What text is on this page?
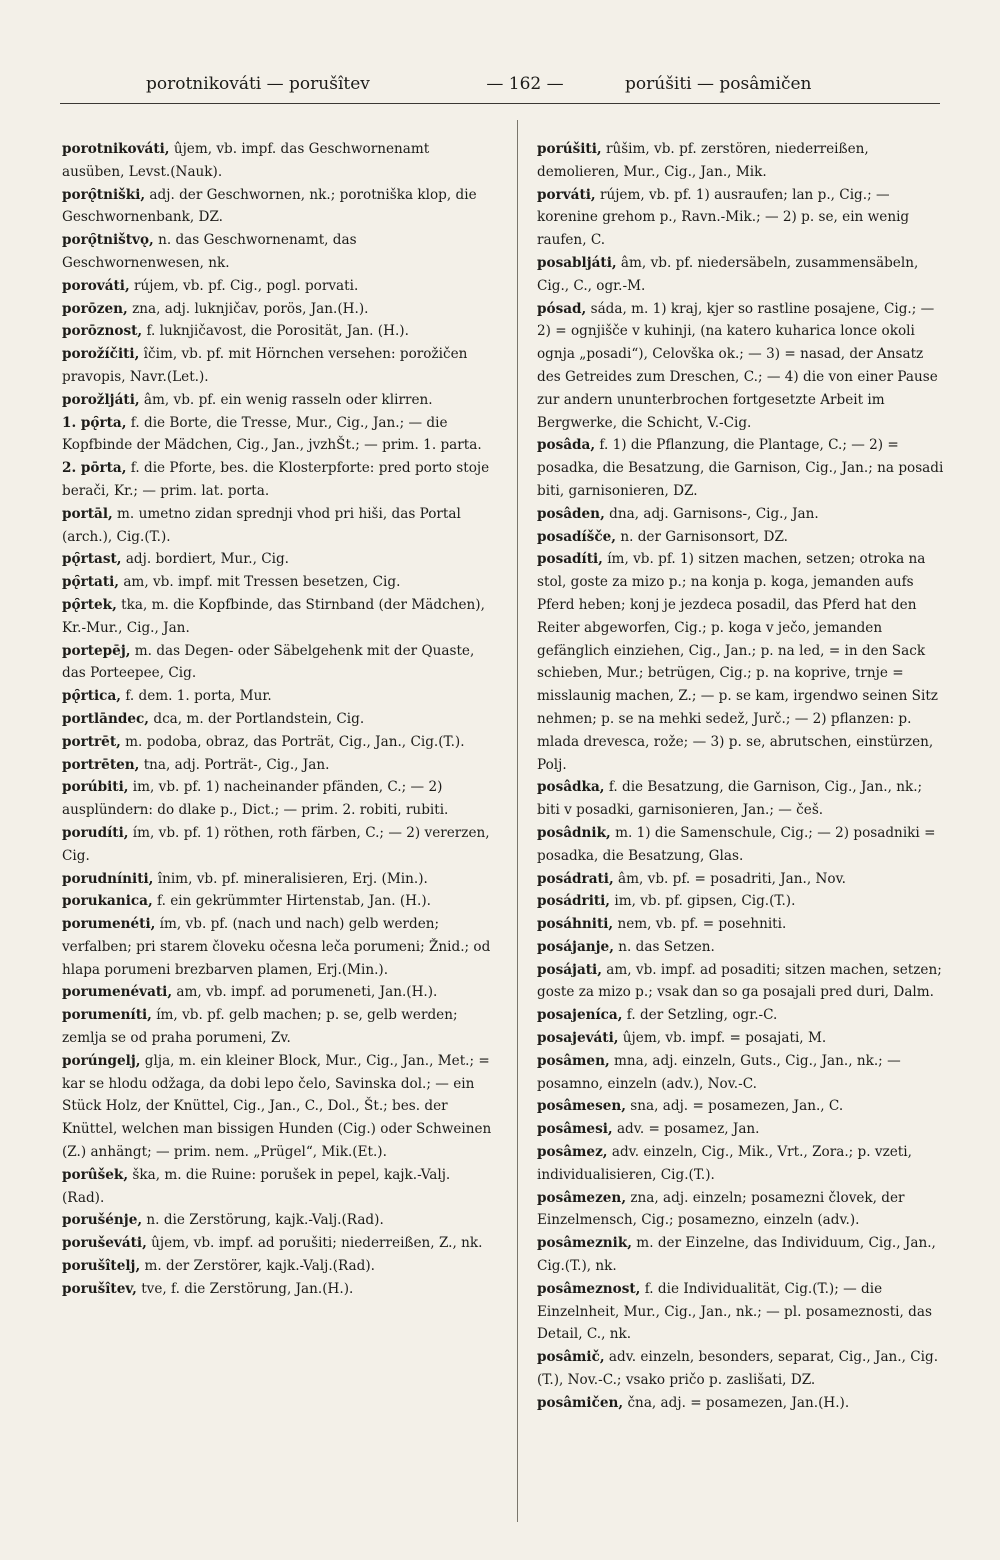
porotnikováti — porušîtev	— 162 —	porúšiti — posâmičen
porotnikováti, ûjem, vb. impf. das Geschwornenamt ausüben, Levst.(Nauk).
porǫ̑tniški, adj. der Geschwornen, nk.; porotniška klop, die Geschwornenbank, DZ.
porǫ̑tništvǫ, n. das Geschwornenamt, das Geschwornenwesen, nk.
porováti, rújem, vb. pf. Cig., pogl. porvati.
porōzen, zna, adj. luknjičav, porös, Jan.(H.).
porōznost, f. luknjičavost, die Porosität, Jan. (H.).
porožíčiti, îčim, vb. pf. mit Hörnchen versehen: porožičen pravopis, Navr.(Let.).
porožljáti, âm, vb. pf. ein wenig rasseln oder klirren.
1. pǫ̑rta, f. die Borte, die Tresse, Mur., Cig., Jan.; — die Kopfbinde der Mädchen, Cig., Jan., jvzhŠt.; — prim. 1. parta.
2. pōrta, f. die Pforte, bes. die Klosterpforte: pred porto stoje berači, Kr.; — prim. lat. porta.
portāl, m. umetno zidan sprednji vhod pri hiši, das Portal (arch.), Cig.(T.).
pǫ̑rtast, adj. bordiert, Mur., Cig.
pǫ̑rtati, am, vb. impf. mit Tressen besetzen, Cig.
pǫ̑rtek, tka, m. die Kopfbinde, das Stirnband (der Mädchen), Kr.-Mur., Cig., Jan.
portepēj, m. das Degen- oder Säbelgehenk mit der Quaste, das Porteepee, Cig.
pǫ̑rtica, f. dem. 1. porta, Mur.
portlāndec, dca, m. der Portlandstein, Cig.
portrēt, m. podoba, obraz, das Porträt, Cig., Jan., Cig.(T.).
portrēten, tna, adj. Porträt-, Cig., Jan.
porúbiti, im, vb. pf. 1) nacheinander pfänden, C.; — 2) ausplündern: do dlake p., Dict.; — prim. 2. robiti, rubiti.
porudíti, ím, vb. pf. 1) röthen, roth färben, C.; — 2) vererzen, Cig.
porudníniti, înim, vb. pf. mineralisieren, Erj. (Min.).
porukanica, f. ein gekrümmter Hirtenstab, Jan. (H.).
porumenéti, ím, vb. pf. (nach und nach) gelb werden; verfalben; pri starem človeku očesna leča porumeni; Žnid.; od hlapa porumeni brezbarven plamen, Erj.(Min.).
porumenévati, am, vb. impf. ad porumeneti, Jan.(H.).
porumeníti, ím, vb. pf. gelb machen; p. se, gelb werden; zemlja se od praha porumeni, Zv.
porúngelj, glja, m. ein kleiner Block, Mur., Cig., Jan., Met.; = kar se hlodu odžaga, da dobi lepo čelo, Savinska dol.; — ein Stück Holz, der Knüttel, Cig., Jan., C., Dol., Št.; bes. der Knüttel, welchen man bissigen Hunden (Cig.) oder Schweinen (Z.) anhängt; — prim. nem. „Prügel“, Mik.(Et.).
porûšek, ška, m. die Ruine: porušek in pepel, kajk.-Valj.(Rad).
porušénje, n. die Zerstörung, kajk.-Valj.(Rad).
poruševáti, ûjem, vb. impf. ad porušiti; niederreißen, Z., nk.
porušîtelj, m. der Zerstörer, kajk.-Valj.(Rad).
porušîtev, tve, f. die Zerstörung, Jan.(H.).
porúšiti, rûšim, vb. pf. zerstören, niederreißen, demolieren, Mur., Cig., Jan., Mik.
porváti, rújem, vb. pf. 1) ausraufen; lan p., Cig.; — korenine grehom p., Ravn.-Mik.; — 2) p. se, ein wenig raufen, C.
posabljáti, âm, vb. pf. niedersäbeln, zusammensäbeln, Cig., C., ogr.-M.
pósad, sáda, m. 1) kraj, kjer so rastline posajene, Cig.; — 2) = ognjišče v kuhinji, (na katero kuharica lonce okoli ognja „posadi“), Celovška ok.; — 3) = nasad, der Ansatz des Getreides zum Dreschen, C.; — 4) die von einer Pause zur andern ununterbrochen fortgesetzte Arbeit im Bergwerke, die Schicht, V.-Cig.
posâda, f. 1) die Pflanzung, die Plantage, C.; — 2) = posadka, die Besatzung, die Garnison, Cig., Jan.; na posadi biti, garnisonieren, DZ.
posâden, dna, adj. Garnisons-, Cig., Jan.
posadíšče, n. der Garnisonsort, DZ.
posadíti, ím, vb. pf. 1) sitzen machen, setzen; otroka na stol, goste za mizo p.; na konja p. koga, jemanden aufs Pferd heben; konj je jezdeca posadil, das Pferd hat den Reiter abgeworfen, Cig.; p. koga v ječo, jemanden gefänglich einziehen, Cig., Jan.; p. na led, = in den Sack schieben, Mur.; betrügen, Cig.; p. na koprive, trnje = misslaunig machen, Z.; — p. se kam, irgendwo seinen Sitz nehmen; p. se na mehki sedež, Jurč.; — 2) pflanzen: p. mlada drevesca, rože; — 3) p. se, abrutschen, einstürzen, Polj.
posâdka, f. die Besatzung, die Garnison, Cig., Jan., nk.; biti v posadki, garnisonieren, Jan.; — češ.
posâdnik, m. 1) die Samenschule, Cig.; — 2) posadniki = posadka, die Besatzung, Glas.
posádrati, âm, vb. pf. = posadriti, Jan., Nov.
posádriti, im, vb. pf. gipsen, Cig.(T.).
posáhniti, nem, vb. pf. = posehniti.
posájanje, n. das Setzen.
posájati, am, vb. impf. ad posaditi; sitzen machen, setzen; goste za mizo p.; vsak dan so ga posajali pred duri, Dalm.
posajeníca, f. der Setzling, ogr.-C.
posajeváti, ûjem, vb. impf. = posajati, M.
posâmen, mna, adj. einzeln, Guts., Cig., Jan., nk.; — posamno, einzeln (adv.), Nov.-C.
posâmesen, sna, adj. = posamezen, Jan., C.
posâmesi, adv. = posamez, Jan.
posâmez, adv. einzeln, Cig., Mik., Vrt., Zora.; p. vzeti, individualisieren, Cig.(T.).
posâmezen, zna, adj. einzeln; posamezni človek, der Einzelmensch, Cig.; posamezno, einzeln (adv.).
posâmeznik, m. der Einzelne, das Individuum, Cig., Jan., Cig.(T.), nk.
posâmeznost, f. die Individualität, Cig.(T.); — die Einzelnheit, Mur., Cig., Jan., nk.; — pl. posameznosti, das Detail, C., nk.
posâmič, adv. einzeln, besonders, separat, Cig., Jan., Cig.(T.), Nov.-C.; vsako pričo p. zaslišati, DZ.
posâmičen, čna, adj. = posamezen, Jan.(H.).
